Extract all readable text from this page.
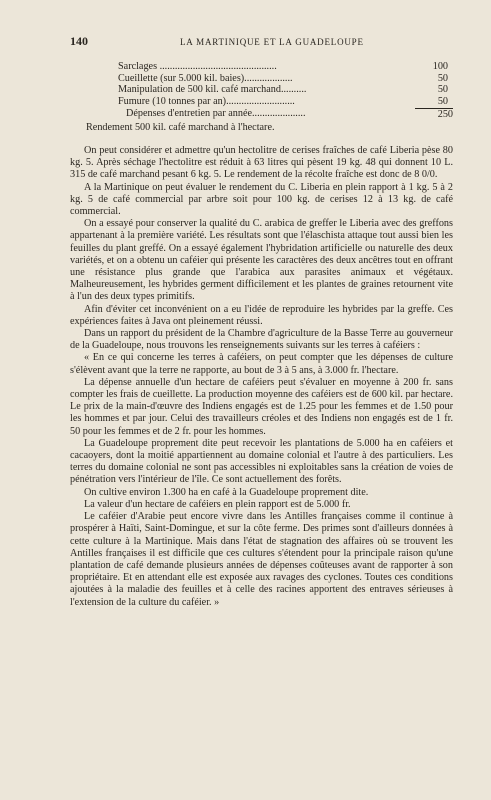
140	LA MARTINIQUE ET LA GUADELOUPE
Sarclages ..............................................	100
Cueillette (sur 5.000 kil. baies)...................	50
Manipulation de 500 kil. café marchand..........	50
Fumure (10 tonnes par an)...........................	50
Dépenses d'entretien par année.....................	250
Rendement 500 kil. café marchand à l'hectare.

On peut considérer et admettre qu'un hectolitre de cerises fraîches de café Liberia pèse 80 kg. 5. Après séchage l'hectolitre est réduit à 63 litres qui pèsent 19 kg. 48 qui donnent 10 L. 315 de café marchand pesant 6 kg. 5. Le rendement de la récolte fraîche est donc de 8 0/0.

A la Martinique on peut évaluer le rendement du C. Liberia en plein rapport à 1 kg. 5 à 2 kg. 5 de café commercial par arbre soit pour 100 kg. de cerises 12 à 13 kg. de café commercial.

On a essayé pour conserver la qualité du C. arabica de greffer le Liberia avec des greffons appartenant à la première variété. Les résultats sont que l'élaschista attaque tout aussi bien les feuilles du plant greffé. On a essayé également l'hybridation artificielle ou naturelle des deux variétés, et on a obtenu un caféier qui présente les caractères des deux ancêtres tout en offrant une résistance plus grande que l'arabica aux parasites animaux et végétaux. Malheureusement, les hybrides germent difficilement et les plantes de graines retournent vite à l'un des deux types primitifs.

Afin d'éviter cet inconvénient on a eu l'idée de reproduire les hybrides par la greffe. Ces expériences faites à Java ont pleinement réussi.

Dans un rapport du président de la Chambre d'agriculture de la Basse Terre au gouverneur de la Guadeloupe, nous trouvons les renseignements suivants sur les terres à caféiers :

« En ce qui concerne les terres à caféiers, on peut compter que les dépenses de culture s'élèvent avant que la terre ne rapporte, au bout de 3 à 5 ans, à 3.000 fr. l'hectare.

La dépense annuelle d'un hectare de caféiers peut s'évaluer en moyenne à 200 fr. sans compter les frais de cueillette. La production moyenne des caféiers est de 600 kil. par hectare. Le prix de la main-d'œuvre des Indiens engagés est de 1.25 pour les femmes et de 1.50 pour les hommes et par jour. Celui des travailleurs créoles et des Indiens non engagés est de 1 fr. 50 pour les femmes et de 2 fr. pour les hommes.

La Guadeloupe proprement dite peut recevoir les plantations de 5.000 ha en caféiers et cacaoyers, dont la moitié appartiennent au domaine colonial et l'autre à des particuliers. Les terres du domaine colonial ne sont pas accessibles ni exploitables sans la création de voies de pénétration vers l'intérieur de l'île. Ce sont actuellement des forêts.

On cultive environ 1.300 ha en café à la Guadeloupe proprement dite.

La valeur d'un hectare de caféiers en plein rapport est de 5.000 fr.

Le caféier d'Arabie peut encore vivre dans les Antilles françaises comme il continue à prospérer à Haïti, Saint-Domingue, et sur la côte ferme. Des primes sont d'ailleurs données à cette culture à la Martinique. Mais dans l'état de stagnation des affaires où se trouvent les Antilles françaises il est difficile que ces cultures s'étendent pour la principale raison qu'une plantation de café demande plusieurs années de dépenses coûteuses avant de rapporter à son propriétaire. Et en attendant elle est exposée aux ravages des cyclones. Toutes ces conditions ajoutées à la maladie des feuilles et à celle des racines apportent des entraves sérieuses à l'extension de la culture du caféier. »
